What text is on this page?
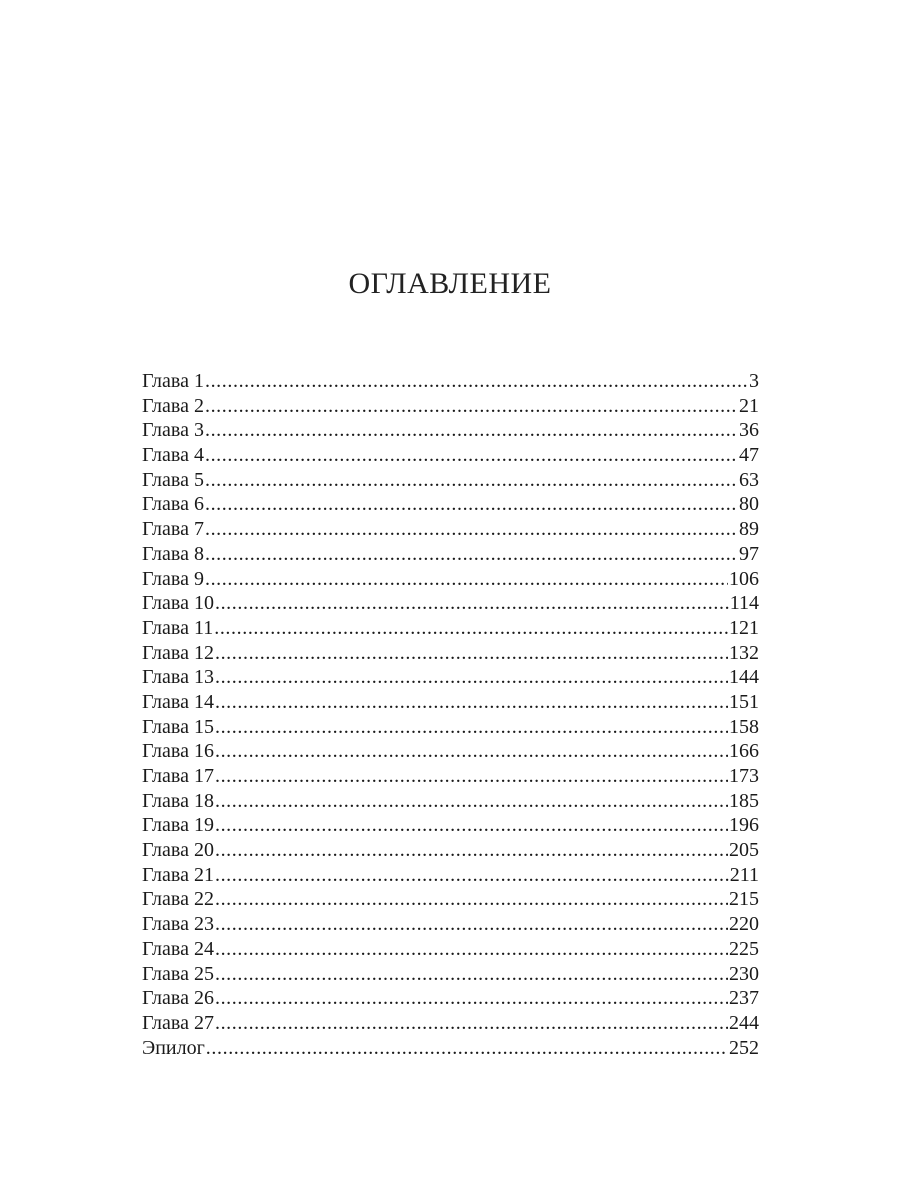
ОГЛАВЛЕНИЕ
Глава 1 .....	3
Глава 2 .....	21
Глава 3 .....	36
Глава 4 .....	47
Глава 5 .....	63
Глава 6 .....	80
Глава 7 .....	89
Глава 8 .....	97
Глава 9 .....	106
Глава 10 .....	114
Глава 11 .....	121
Глава 12 .....	132
Глава 13 .....	144
Глава 14 .....	151
Глава 15 .....	158
Глава 16 .....	166
Глава 17 .....	173
Глава 18 .....	185
Глава 19 .....	196
Глава 20 .....	205
Глава 21 .....	211
Глава 22 .....	215
Глава 23 .....	220
Глава 24 .....	225
Глава 25 .....	230
Глава 26 .....	237
Глава 27 .....	244
Эпилог .....	252
